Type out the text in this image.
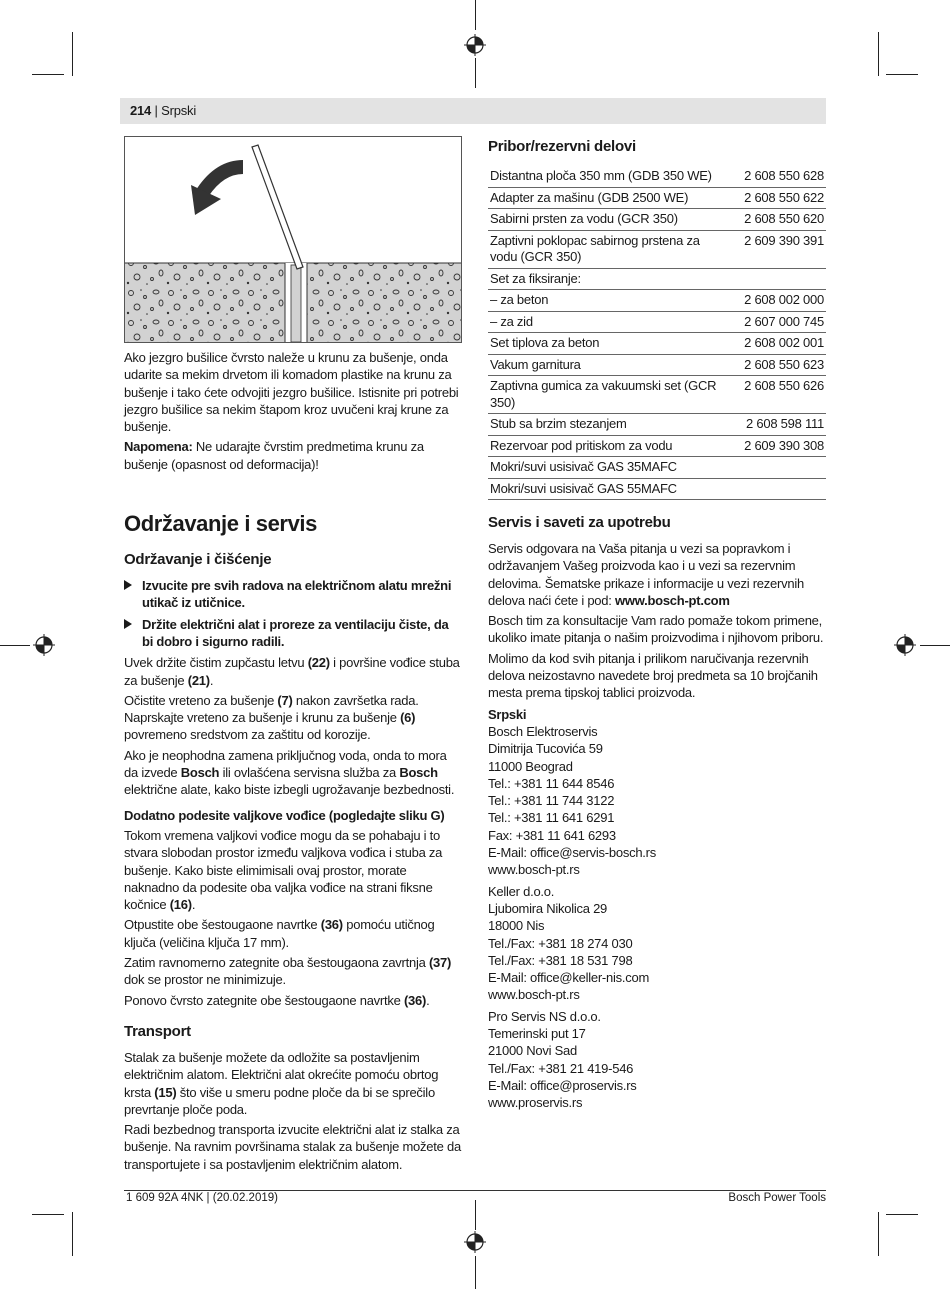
214 | Srpski

Ako jezgro bušilice čvrsto naleže u krunu za bušenje, onda udarite sa mekim drvetom ili komadom plastike na krunu za bušenje i tako ćete odvojiti jezgro bušilice. Istisnite pri potrebi jezgro bušilice sa nekim štapom kroz uvučeni kraj krune za bušenje.

Napomena: Ne udarajte čvrstim predmetima krunu za bušenje (opasnost od deformacija)!

Održavanje i servis
Održavanje i čišćenje
Izvucite pre svih radova na električnom alatu mrežni utikač iz utičnice.
Držite električni alat i proreze za ventilaciju čiste, da bi dobro i sigurno radili.

Uvek držite čistim zupčastu letvu (22) i površine vođice stuba za bušenje (21).

Očistite vreteno za bušenje (7) nakon završetka rada. Naprskajte vreteno za bušenje i krunu za bušenje (6) povremeno sredstvom za zaštitu od korozije.

Ako je neophodna zamena priključnog voda, onda to mora da izvede Bosch ili ovlašćena servisna služba za Bosch električne alate, kako biste izbegli ugrožavanje bezbednosti.

Dodatno podesite valjkove vođice (pogledajte sliku G)

Tokom vremena valjkovi vođice mogu da se pohabaju i to stvara slobodan prostor između valjkova vođica i stuba za bušenje. Kako biste elimimisali ovaj prostor, morate naknadno da podesite oba valjka vođice na strani fiksne kočnice (16).

Otpustite obe šestougaone navrtke (36) pomoću utičnog ključa (veličina ključa 17 mm).

Zatim ravnomerno zategnite oba šestougaona zavrtnja (37) dok se prostor ne minimizuje.

Ponovo čvrsto zategnite obe šestougaone navrtke (36).

Transport

Stalak za bušenje možete da odložite sa postavljenim električnim alatom. Električni alat okrećite pomoću obrtog krsta (15) što više u smeru podne ploče da bi se sprečilo prevrtanje ploče poda.

Radi bezbednog transporta izvucite električni alat iz stalka za bušenje. Na ravnim površinama stalak za bušenje možete da transportujete i sa postavljenim električnim alatom.

Pribor/rezervni delovi
Distantna ploča 350 mm (GDB 350 WE)	2 608 550 628
Adapter za mašinu (GDB 2500 WE)	2 608 550 622
Sabirni prsten za vodu (GCR 350)	2 608 550 620
Zaptivni poklopac sabirnog prstena za vodu (GCR 350)	2 609 390 391
Set za fiksiranje:	
– za beton	2 608 002 000
– za zid	2 607 000 745
Set tiplova za beton	2 608 002 001
Vakum garnitura	2 608 550 623
Zaptivna gumica za vakuumski set (GCR 350)	2 608 550 626
Stub sa brzim stezanjem	2 608 598 111
Rezervoar pod pritiskom za vodu	2 609 390 308
Mokri/suvi usisivač GAS 35MAFC	
Mokri/suvi usisivač GAS 55MAFC	
Servis i saveti za upotrebu

Servis odgovara na Vaša pitanja u vezi sa popravkom i održavanjem Vašeg proizvoda kao i u vezi sa rezervnim delovima. Šematske prikaze i informacije u vezi rezervnih delova naći ćete i pod: www.bosch-pt.com

Bosch tim za konsultacije Vam rado pomaže tokom primene, ukoliko imate pitanja o našim proizvodima i njihovom priboru.

Molimo da kod svih pitanja i prilikom naručivanja rezervnih delova neizostavno navedete broj predmeta sa 10 brojčanih mesta prema tipskoj tablici proizvoda.

Srpski

Bosch Elektroservis

Dimitrija Tucovića 59

11000 Beograd

Tel.: +381 11 644 8546

Tel.: +381 11 744 3122

Tel.: +381 11 641 6291

Fax: +381 11 641 6293

E-Mail: office@servis-bosch.rs

www.bosch-pt.rs

Keller d.o.o.

Ljubomira Nikolica 29

18000 Nis

Tel./Fax: +381 18 274 030

Tel./Fax: +381 18 531 798

E-Mail: office@keller-nis.com

www.bosch-pt.rs

Pro Servis NS d.o.o.

Temerinski put 17

21000 Novi Sad

Tel./Fax: +381 21 419-546

E-Mail: office@proservis.rs

www.proservis.rs

1 609 92A 4NK | (20.02.2019)	Bosch Power Tools
